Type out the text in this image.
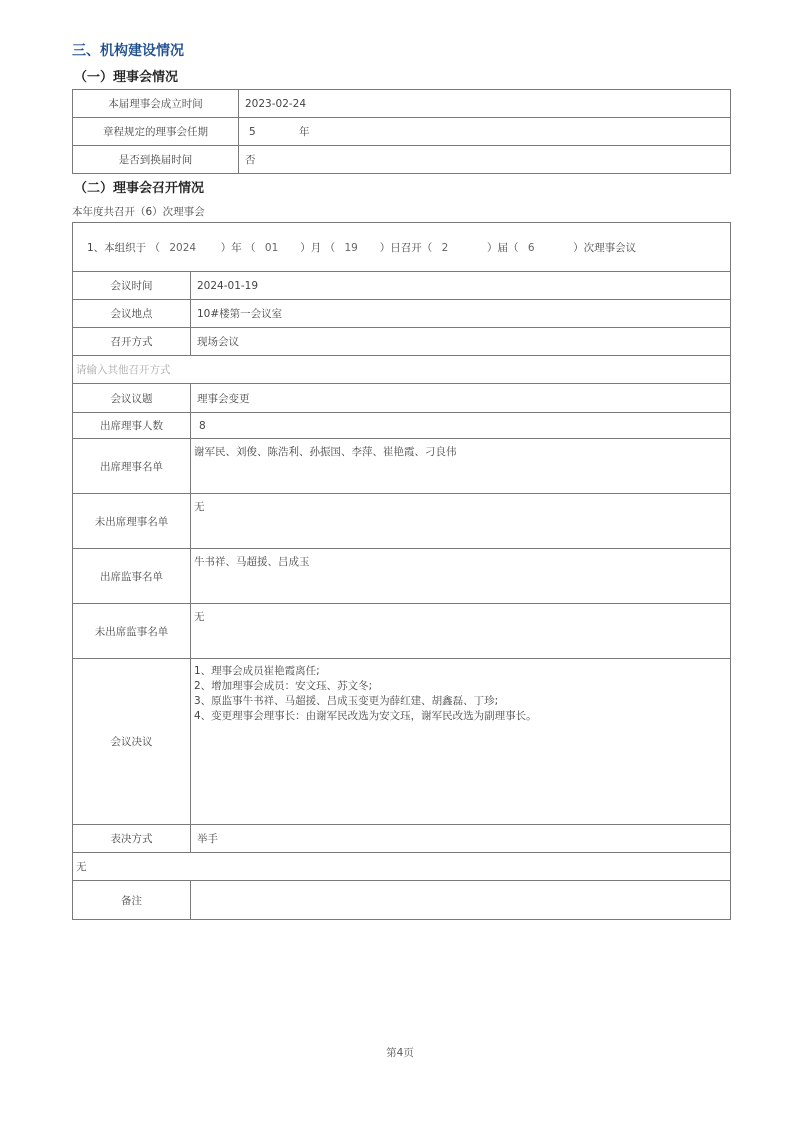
三、机构建设情况
（一）理事会情况
本届理事会成立时间	2023-02-24
章程规定的理事会任期	5 年
是否到换届时间	否
（二）理事会召开情况
本年度共召开（6）次理事会
1、本组织于 （ 2024 ）年 （ 01 ）月 （ 19 ）日召开（ 2 ）届（ 6 ）次理事会议	
会议时间	2024-01-19
会议地点	10#楼第一会议室
召开方式	现场会议
请输入其他召开方式	
会议议题	理事会变更
出席理事人数	8
出席理事名单	谢军民、刘俊、陈浩利、孙振国、李萍、崔艳霞、刁良伟
未出席理事名单	无
出席监事名单	牛书祥、马超援、吕成玉
未出席监事名单	无
会议决议	1、理事会成员崔艳霞离任;
2、增加理事会成员：安文珏、苏文冬;
3、原监事牛书祥、马超援、吕成玉变更为薛红建、胡鑫磊、丁珍;
4、变更理事会理事长：由谢军民改选为安文珏，谢军民改选为副理事长。

表决方式	举手
无	
备注	
第4页
